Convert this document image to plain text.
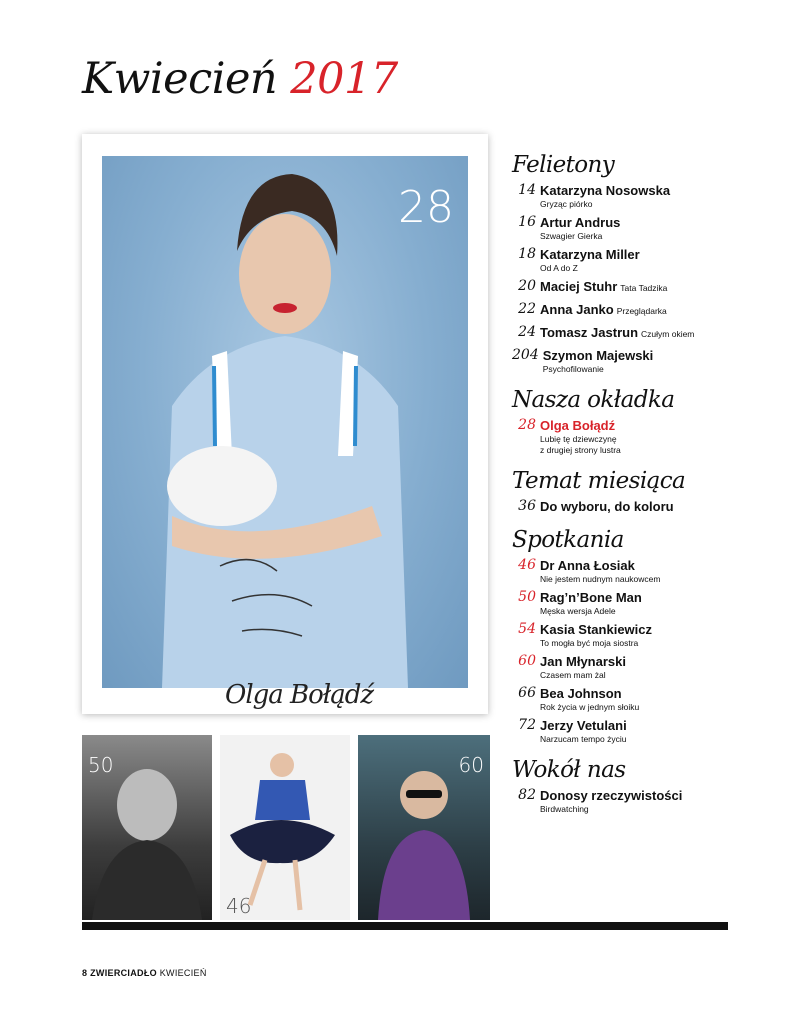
Kwiecień 2017
28
Olga Bołądź
50
46
60
8 ZWIERCIADŁO KWIECIEŃ
Felietony
14 Katarzyna Nosowska
Gryząc piórko
16 Artur Andrus
Szwagier Gierka
18 Katarzyna Miller
Od A do Z
20 Maciej Stuhr Tata Tadzika
22 Anna Janko Przeglądarka
24 Tomasz Jastrun Czułym okiem
204 Szymon Majewski
Psychofilowanie
Nasza okładka
28 Olga Bołądź
Lubię tę dziewczynę
z drugiej strony lustra
Temat miesiąca
36 Do wyboru, do koloru
Spotkania
46 Dr Anna Łosiak
Nie jestem nudnym naukowcem
50 Rag’n’Bone Man
Męska wersja Adele
54 Kasia Stankiewicz
To mogła być moja siostra
60 Jan Młynarski
Czasem mam żal
66 Bea Johnson
Rok życia w jednym słoiku
72 Jerzy Vetulani
Narzucam tempo życiu
Wokół nas
82 Donosy rzeczywistości
Birdwatching
